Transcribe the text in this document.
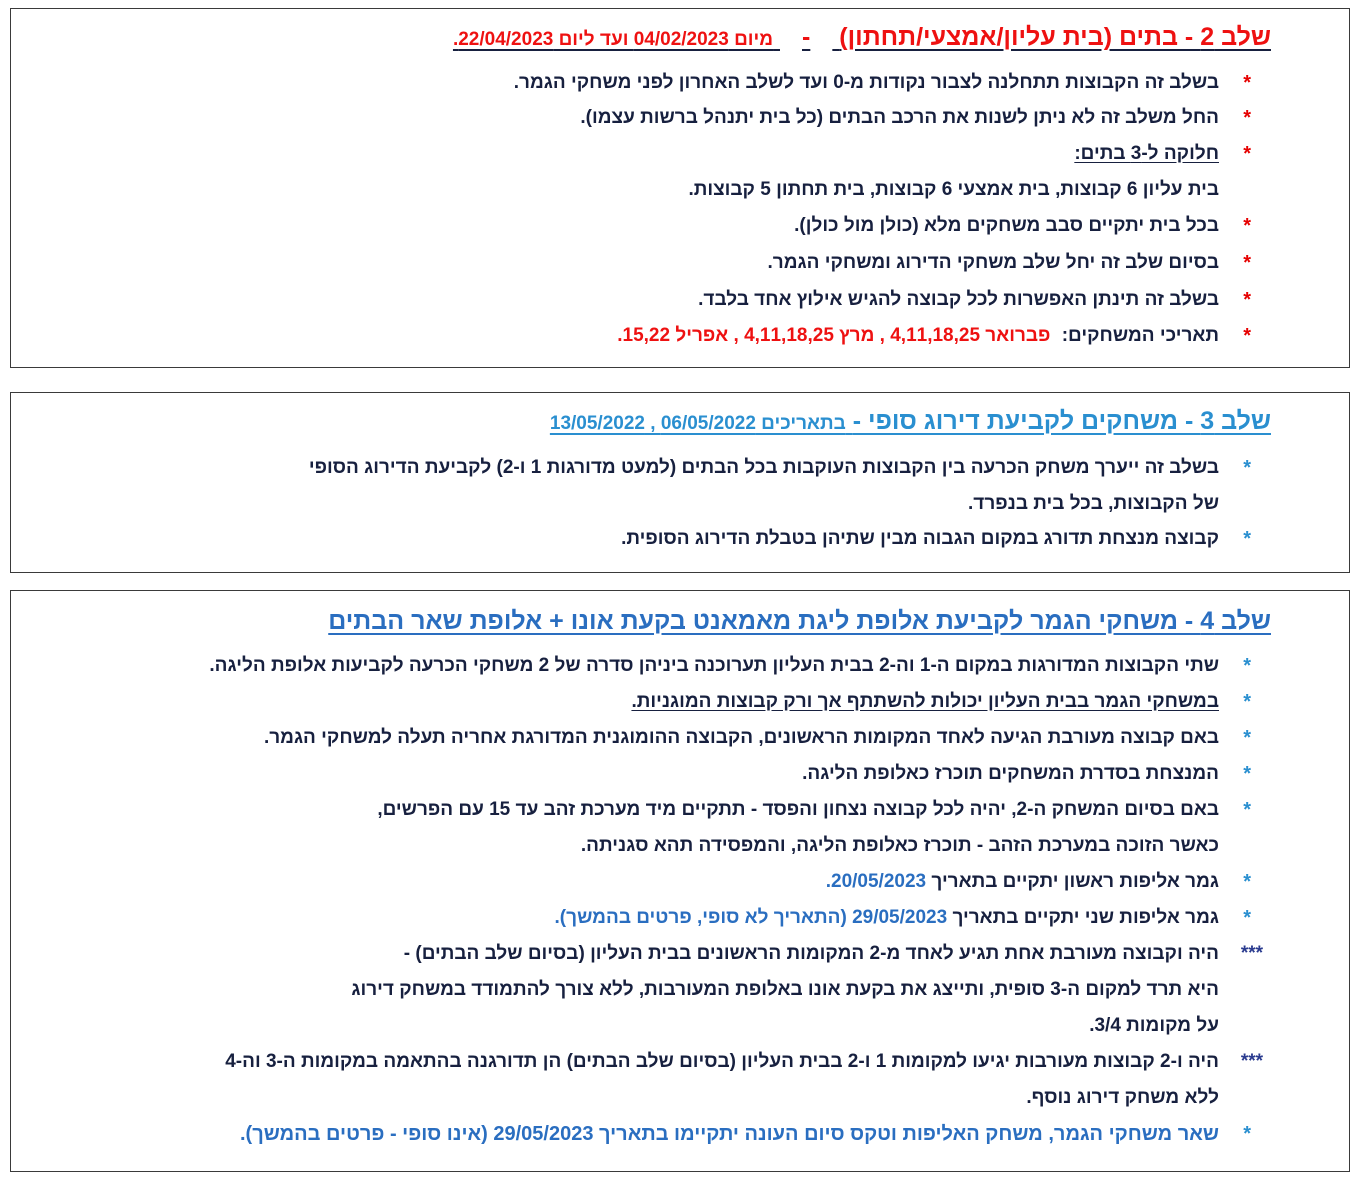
שלב 2 - בתים (בית עליון/אמצעי/תחתון) - מיום 04/02/2023 ועד ליום 22/04/2023.
*
בשלב זה הקבוצות תתחלנה לצבור נקודות מ-0 ועד לשלב האחרון לפני משחקי הגמר.
*
החל משלב זה לא ניתן לשנות את הרכב הבתים (כל בית יתנהל ברשות עצמו).
*
חלוקה ל-3 בתים:
בית עליון 6 קבוצות, בית אמצעי 6 קבוצות, בית תחתון 5 קבוצות.
*
בכל בית יתקיים סבב משחקים מלא (כולן מול כולן).
*
בסיום שלב זה יחל שלב משחקי הדירוג ומשחקי הגמר.
*
בשלב זה תינתן האפשרות לכל קבוצה להגיש אילוץ אחד בלבד.
*
תאריכי המשחקים: פברואר 4,11,18,25 , מרץ 4,11,18,25 , אפריל 15,22.
שלב 3 - משחקים לקביעת דירוג סופי - בתאריכים 06/05/2022 , 13/05/2022
*
בשלב זה ייערך משחק הכרעה בין הקבוצות העוקבות בכל הבתים (למעט מדורגות 1 ו-2) לקביעת הדירוג הסופי
של הקבוצות, בכל בית בנפרד.
*
קבוצה מנצחת תדורג במקום הגבוה מבין שתיהן בטבלת הדירוג הסופית.
שלב 4 - משחקי הגמר לקביעת אלופת ליגת מאמאנט בקעת אונו + אלופת שאר הבתים
*
שתי הקבוצות המדורגות במקום ה-1 וה-2 בבית העליון תערוכנה ביניהן סדרה של 2 משחקי הכרעה לקביעות אלופת הליגה.
*
במשחקי הגמר בבית העליון יכולות להשתתף אך ורק קבוצות המוגניות.
*
באם קבוצה מעורבת הגיעה לאחד המקומות הראשונים, הקבוצה ההומוגנית המדורגת אחריה תעלה למשחקי הגמר.
*
המנצחת בסדרת המשחקים תוכרז כאלופת הליגה.
*
באם בסיום המשחק ה-2, יהיה לכל קבוצה נצחון והפסד - תתקיים מיד מערכת זהב עד 15 עם הפרשים,
כאשר הזוכה במערכת הזהב - תוכרז כאלופת הליגה, והמפסידה תהא סגניתה.
*
גמר אליפות ראשון יתקיים בתאריך 20/05/2023.
*
גמר אליפות שני יתקיים בתאריך 29/05/2023 (התאריך לא סופי, פרטים בהמשך).
***
היה וקבוצה מעורבת אחת תגיע לאחד מ-2 המקומות הראשונים בבית העליון (בסיום שלב הבתים) -
היא תרד למקום ה-3 סופית, ותייצג את בקעת אונו באלופת המעורבות, ללא צורך להתמודד במשחק דירוג
על מקומות 3/4.
***
היה ו-2 קבוצות מעורבות יגיעו למקומות 1 ו-2 בבית העליון (בסיום שלב הבתים) הן תדורגנה בהתאמה במקומות ה-3 וה-4
ללא משחק דירוג נוסף.
*
שאר משחקי הגמר, משחק האליפות וטקס סיום העונה יתקיימו בתאריך 29/05/2023 (אינו סופי - פרטים בהמשך).
